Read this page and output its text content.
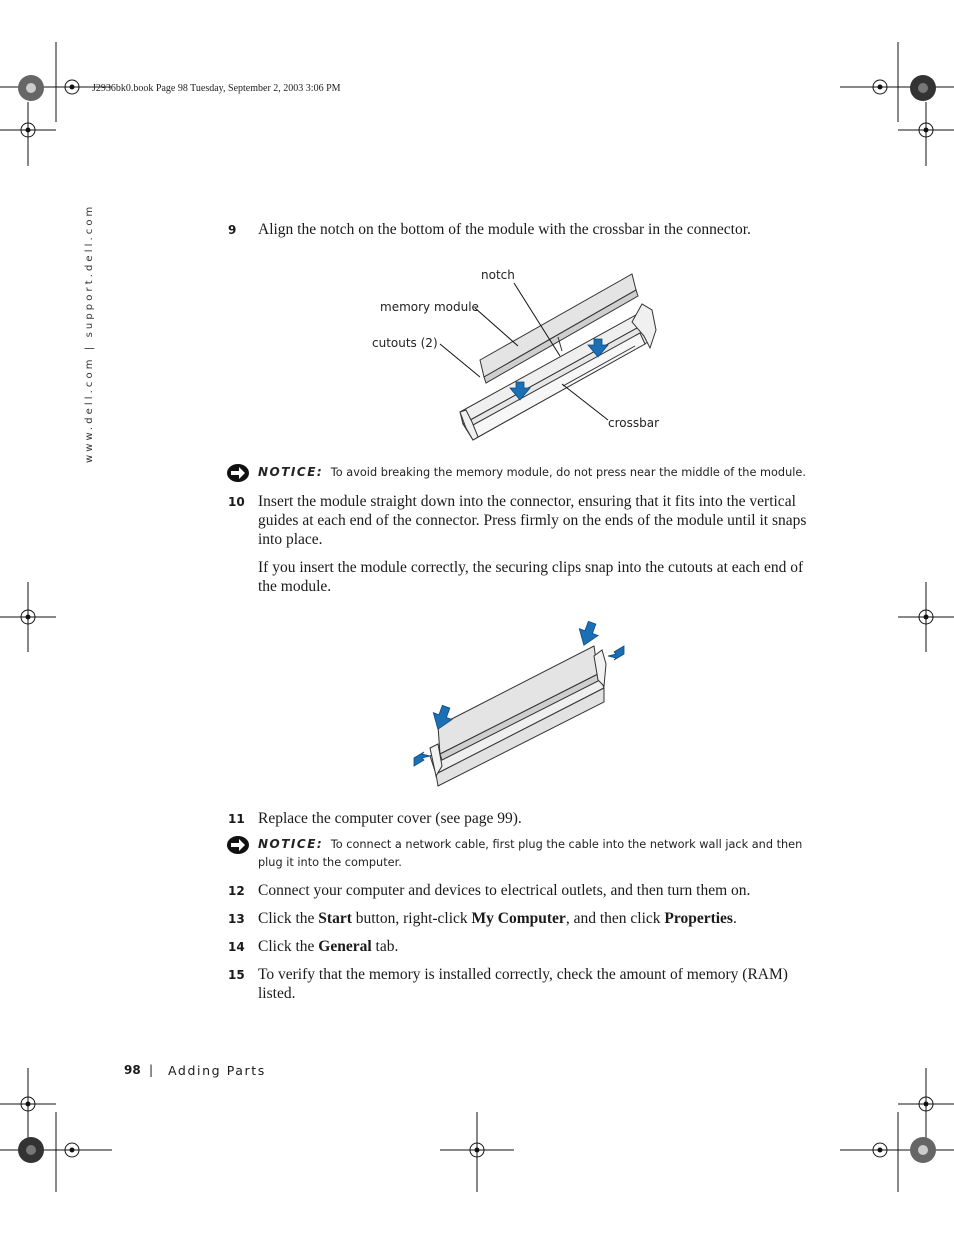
J2936bk0.book Page 98 Tuesday, September 2, 2003 3:06 PM
www.dell.com | support.dell.com	9	Align the notch on the bottom of the module with the crossbar in the connector.
notch
memory module
cutouts (2)
crossbar
NOTICE: To avoid breaking the memory module, do not press near the middle of the module.
10 Insert the module straight down into the connector, ensuring that it fits into the vertical guides at each end of the connector. Press firmly on the ends of the module until it snaps into place.
If you insert the module correctly, the securing clips snap into the cutouts at each end of the module.
11 Replace the computer cover (see page 99).
NOTICE: To connect a network cable, first plug the cable into the network wall jack and then plug it into the computer.
12 Connect your computer and devices to electrical outlets, and then turn them on.
13 Click the Start button, right-click My Computer, and then click Properties.
14 Click the General tab.
15 To verify that the memory is installed correctly, check the amount of memory (RAM) listed.
98 | Adding Parts
